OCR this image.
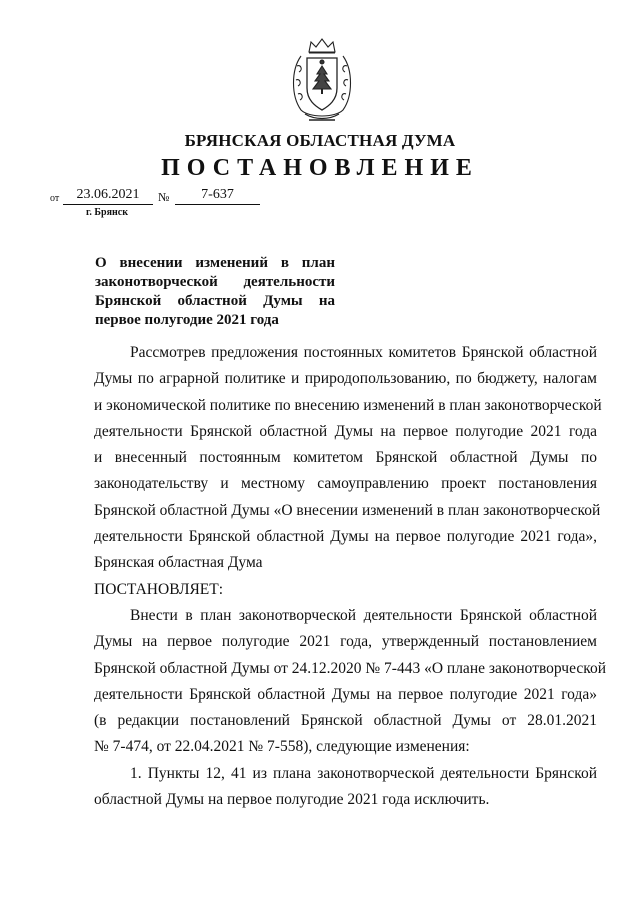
БРЯНСКАЯ ОБЛАСТНАЯ ДУМА
ПОСТАНОВЛЕНИЕ
от	23.06.2021	№	7-637
г. Брянск
О внесении изменений в план
законотворческой деятельности
Брянской областной Думы на
первое полугодие 2021 года
Рассмотрев предложения постоянных комитетов Брянской областной
Думы по аграрной политике и природопользованию, по бюджету, налогам
и экономической политике по внесению изменений в план законотворческой
деятельности Брянской областной Думы на первое полугодие 2021 года
и внесенный постоянным комитетом Брянской областной Думы по
законодательству и местному самоуправлению проект постановления
Брянской областной Думы «О внесении изменений в план законотворческой
деятельности Брянской областной Думы на первое полугодие 2021 года»,
Брянская областная Дума
ПОСТАНОВЛЯЕТ:
Внести в план законотворческой деятельности Брянской областной
Думы на первое полугодие 2021 года, утвержденный постановлением
Брянской областной Думы от 24.12.2020 № 7-443 «О плане законотворческой
деятельности Брянской областной Думы на первое полугодие 2021 года»
(в редакции постановлений Брянской областной Думы от 28.01.2021
№ 7-474, от 22.04.2021 № 7-558), следующие изменения:
1. Пункты 12, 41 из плана законотворческой деятельности Брянской
областной Думы на первое полугодие 2021 года исключить.
